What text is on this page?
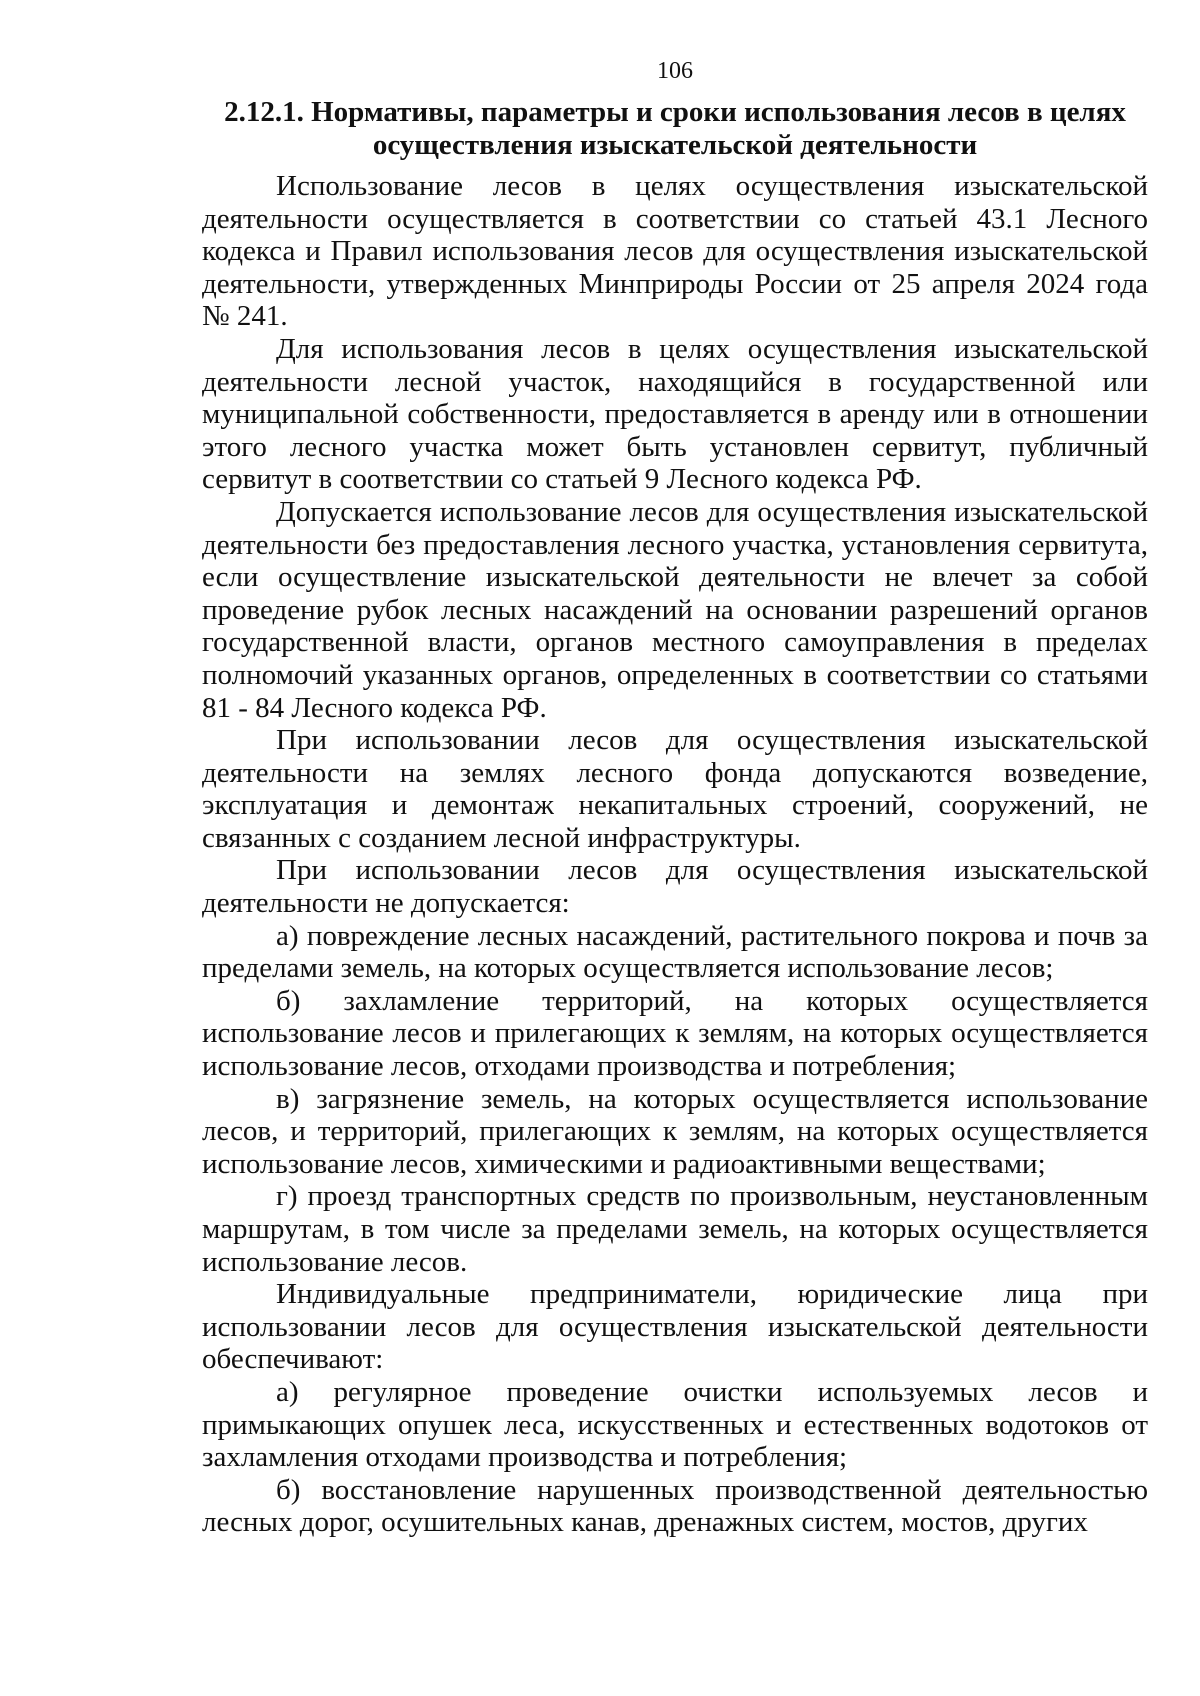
106
2.12.1. Нормативы, параметры и сроки использования лесов в целях осуществления изыскательской деятельности

Использование лесов в целях осуществления изыскательской деятельности осуществляется в соответствии со статьей 43.1 Лесного кодекса и Правил использования лесов для осуществления изыскательской деятельности, утвержденных Минприроды России от 25 апреля 2024 года № 241.

Для использования лесов в целях осуществления изыскательской деятельности лесной участок, находящийся в государственной или муниципальной собственности, предоставляется в аренду или в отношении этого лесного участка может быть установлен сервитут, публичный сервитут в соответствии со статьей 9 Лесного кодекса РФ.

Допускается использование лесов для осуществления изыскательской деятельности без предоставления лесного участка, установления сервитута, если осуществление изыскательской деятельности не влечет за собой проведение рубок лесных насаждений на основании разрешений органов государственной власти, органов местного самоуправления в пределах полномочий указанных органов, определенных в соответствии со статьями 81 - 84 Лесного кодекса РФ.

При использовании лесов для осуществления изыскательской деятельности на землях лесного фонда допускаются возведение, эксплуатация и демонтаж некапитальных строений, сооружений, не связанных с созданием лесной инфраструктуры.

При использовании лесов для осуществления изыскательской деятельности не допускается:

а) повреждение лесных насаждений, растительного покрова и почв за пределами земель, на которых осуществляется использование лесов;

б) захламление территорий, на которых осуществляется использование лесов и прилегающих к землям, на которых осуществляется использование лесов, отходами производства и потребления;

в) загрязнение земель, на которых осуществляется использование лесов, и территорий, прилегающих к землям, на которых осуществляется использование лесов, химическими и радиоактивными веществами;

г) проезд транспортных средств по произвольным, неустановленным маршрутам, в том числе за пределами земель, на которых осуществляется использование лесов.

Индивидуальные предприниматели, юридические лица при использовании лесов для осуществления изыскательской деятельности обеспечивают:

а) регулярное проведение очистки используемых лесов и примыкающих опушек леса, искусственных и естественных водотоков от захламления отходами производства и потребления;

б) восстановление нарушенных производственной деятельностью лесных дорог, осушительных канав, дренажных систем, мостов, других
